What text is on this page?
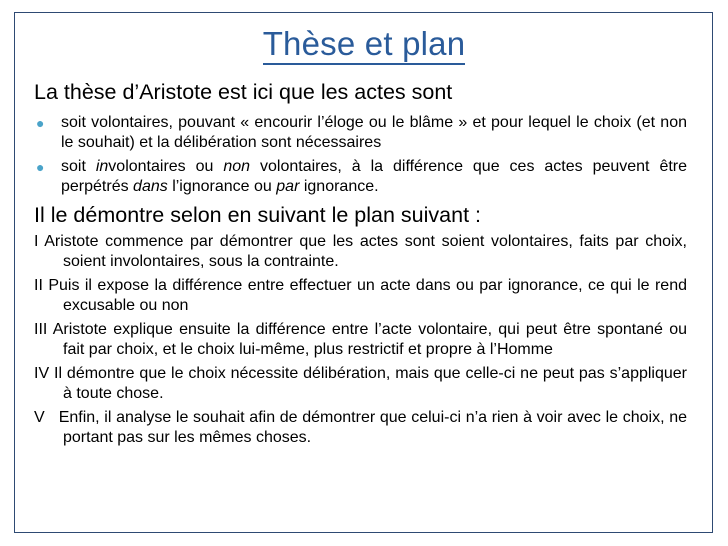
Thèse et plan
La thèse d’Aristote est ici que les actes sont
●	soit volontaires, pouvant « encourir l’éloge ou le blâme » et pour lequel le choix (et non le souhait) et la délibération sont nécessaires
●	soit involontaires ou non volontaires, à la différence que ces actes peuvent être perpétrés dans l’ignorance ou par ignorance.
Il le démontre selon en suivant le plan suivant :
I Aristote commence par démontrer que les actes sont soient volontaires, faits par choix, soient involontaires, sous la contrainte.
II Puis il expose la différence entre effectuer un acte dans ou par ignorance, ce qui le rend excusable ou non
III Aristote explique ensuite la différence entre l’acte volontaire, qui peut être spontané ou fait par choix, et le choix lui-même, plus restrictif et propre à l’Homme
IV Il démontre que le choix nécessite délibération, mais que celle-ci ne peut pas s’appliquer à toute chose.
V   Enfin, il analyse le souhait afin de démontrer que celui-ci n’a rien à voir avec le choix, ne portant pas sur les mêmes choses.
